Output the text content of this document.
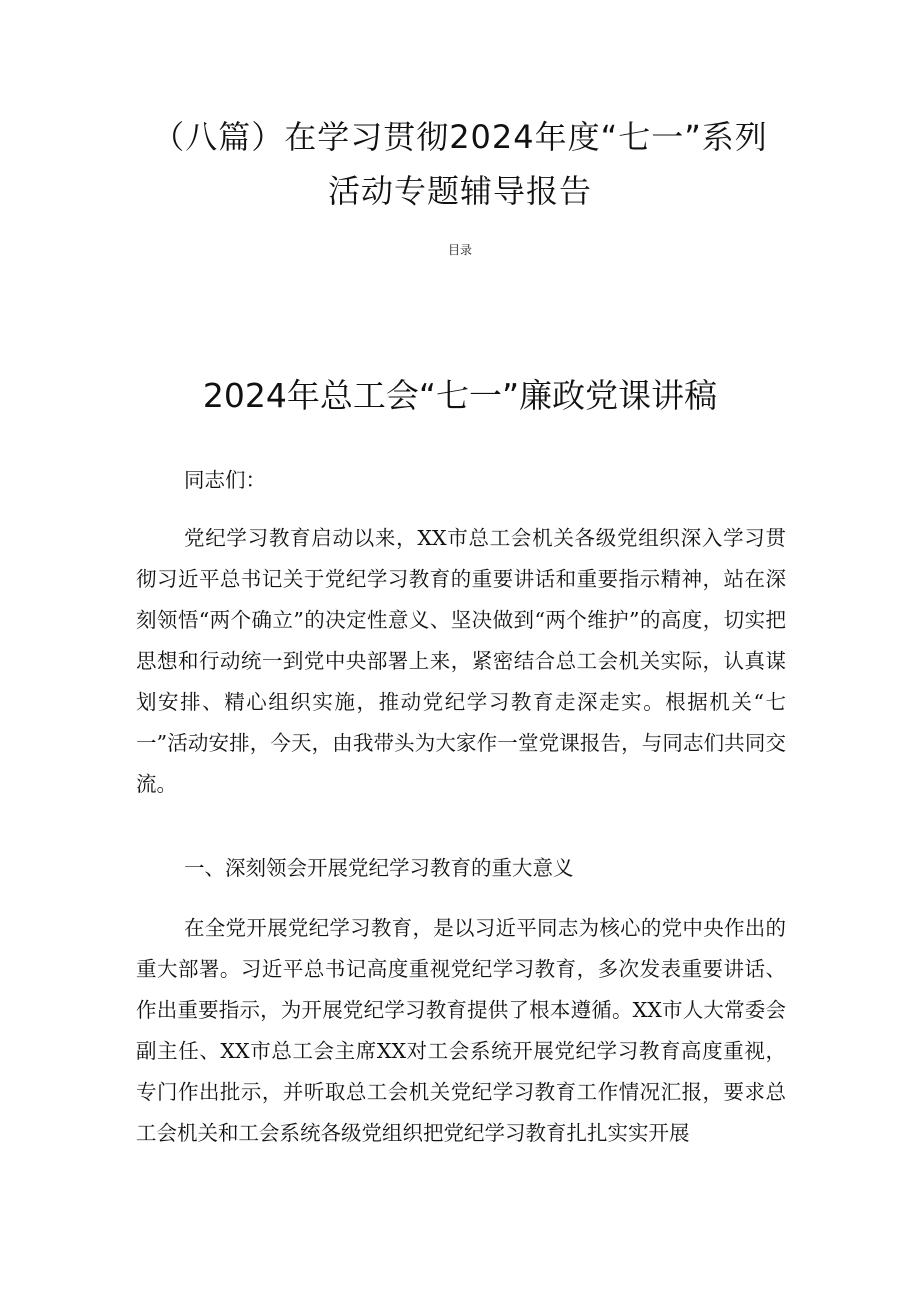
（八篇）在学习贯彻2024年度“七一”系列活动专题辅导报告
目录
2024年总工会“七一”廉政党课讲稿

同志们：

党纪学习教育启动以来，XX市总工会机关各级党组织深入学习贯彻习近平总书记关于党纪学习教育的重要讲话和重要指示精神，站在深刻领悟“两个确立”的决定性意义、坚决做到“两个维护”的高度，切实把思想和行动统一到党中央部署上来，紧密结合总工会机关实际，认真谋划安排、精心组织实施，推动党纪学习教育走深走实。根据机关“七一”活动安排，今天，由我带头为大家作一堂党课报告，与同志们共同交流。

一、深刻领会开展党纪学习教育的重大意义

在全党开展党纪学习教育，是以习近平同志为核心的党中央作出的重大部署。习近平总书记高度重视党纪学习教育，多次发表重要讲话、作出重要指示，为开展党纪学习教育提供了根本遵循。XX市人大常委会副主任、XX市总工会主席XX对工会系统开展党纪学习教育高度重视，专门作出批示，并听取总工会机关党纪学习教育工作情况汇报，要求总工会机关和工会系统各级党组织把党纪学习教育扎扎实实开展
